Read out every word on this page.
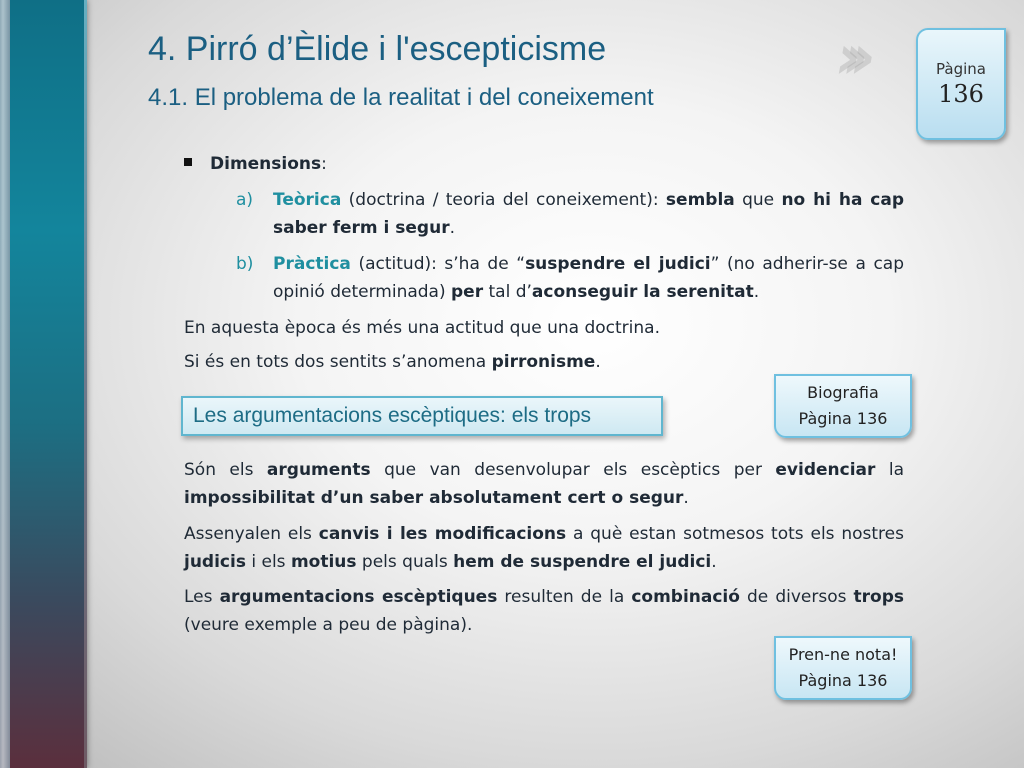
›››
4. Pirró d’Èlide i l'escepticisme
4.1. El problema de la realitat i del coneixement
Pàgina
136
Dimensions:
a)	Teòrica (doctrina / teoria del coneixement): sembla que no hi ha cap saber ferm i segur.
b)	Pràctica (actitud): s’ha de “suspendre el judici” (no adherir-se a cap opinió determinada) per tal d’aconseguir la serenitat.
En aquesta època és més una actitud que una doctrina.
Si és en tots dos sentits s’anomena pirronisme.
Les argumentacions escèptiques: els trops
Biografia
Pàgina 136
Són els arguments que van desenvolupar els escèptics per evidenciar la impossibilitat d’un saber absolutament cert o segur.
Assenyalen els canvis i les modificacions a què estan sotmesos tots els nostres judicis i els motius pels quals hem de suspendre el judici.
Les argumentacions escèptiques resulten de la combinació de diversos trops (veure exemple a peu de pàgina).
Pren-ne nota!
Pàgina 136
